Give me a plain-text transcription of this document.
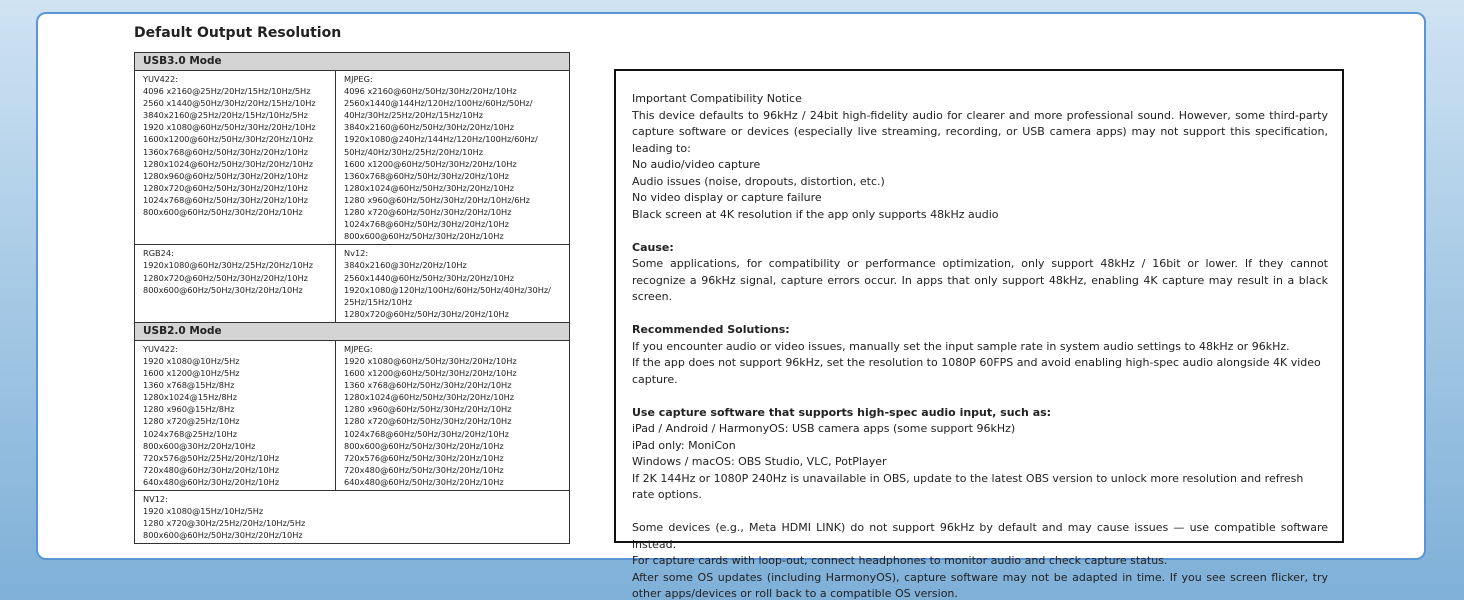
Default Output Resolution
USB3.0 Mode
YUV422:
4096 x2160@25Hz/20Hz/15Hz/10Hz/5Hz
2560 x1440@50Hz/30Hz/20Hz/15Hz/10Hz
3840x2160@25Hz/20Hz/15Hz/10Hz/5Hz
1920 x1080@60Hz/50Hz/30Hz/20Hz/10Hz
1600x1200@60Hz/50Hz/30Hz/20Hz/10Hz
1360x768@60Hz/50Hz/30Hz/20Hz/10Hz
1280x1024@60Hz/50Hz/30Hz/20Hz/10Hz
1280x960@60Hz/50Hz/30Hz/20Hz/10Hz
1280x720@60Hz/50Hz/30Hz/20Hz/10Hz
1024x768@60Hz/50Hz/30Hz/20Hz/10Hz
800x600@60Hz/50Hz/30Hz/20Hz/10Hz
MJPEG:
4096 x2160@60Hz/50Hz/30Hz/20Hz/10Hz
2560x1440@144Hz/120Hz/100Hz/60Hz/50Hz/
40Hz/30Hz/25Hz/20Hz/15Hz/10Hz
3840x2160@60Hz/50Hz/30Hz/20Hz/10Hz
1920x1080@240Hz/144Hz/120Hz/100Hz/60Hz/
50Hz/40Hz/30Hz/25Hz/20Hz/10Hz
1600 x1200@60Hz/50Hz/30Hz/20Hz/10Hz
1360x768@60Hz/50Hz/30Hz/20Hz/10Hz
1280x1024@60Hz/50Hz/30Hz/20Hz/10Hz
1280 x960@60Hz/50Hz/30Hz/20Hz/10Hz/6Hz
1280 x720@60Hz/50Hz/30Hz/20Hz/10Hz
1024x768@60Hz/50Hz/30Hz/20Hz/10Hz
800x600@60Hz/50Hz/30Hz/20Hz/10Hz
RGB24:
1920x1080@60Hz/30Hz/25Hz/20Hz/10Hz
1280x720@60Hz/50Hz/30Hz/20Hz/10Hz
800x600@60Hz/50Hz/30Hz/20Hz/10Hz
Nv12:
3840x2160@30Hz/20Hz/10Hz
2560x1440@60Hz/50Hz/30Hz/20Hz/10Hz
1920x1080@120Hz/100Hz/60Hz/50Hz/40Hz/30Hz/
25Hz/15Hz/10Hz
1280x720@60Hz/50Hz/30Hz/20Hz/10Hz
USB2.0 Mode
YUV422:
1920 x1080@10Hz/5Hz
1600 x1200@10Hz/5Hz
1360 x768@15Hz/8Hz
1280x1024@15Hz/8Hz
1280 x960@15Hz/8Hz
1280 x720@25Hz/10Hz
1024x768@25Hz/10Hz
800x600@30Hz/20Hz/10Hz
720x576@50Hz/25Hz/20Hz/10Hz
720x480@60Hz/30Hz/20Hz/10Hz
640x480@60Hz/30Hz/20Hz/10Hz
MJPEG:
1920 x1080@60Hz/50Hz/30Hz/20Hz/10Hz
1600 x1200@60Hz/50Hz/30Hz/20Hz/10Hz
1360 x768@60Hz/50Hz/30Hz/20Hz/10Hz
1280x1024@60Hz/50Hz/30Hz/20Hz/10Hz
1280 x960@60Hz/50Hz/30Hz/20Hz/10Hz
1280 x720@60Hz/50Hz/30Hz/20Hz/10Hz
1024x768@60Hz/50Hz/30Hz/20Hz/10Hz
800x600@60Hz/50Hz/30Hz/20Hz/10Hz
720x576@60Hz/50Hz/30Hz/20Hz/10Hz
720x480@60Hz/50Hz/30Hz/20Hz/10Hz
640x480@60Hz/50Hz/30Hz/20Hz/10Hz
NV12:
1920 x1080@15Hz/10Hz/5Hz
1280 x720@30Hz/25Hz/20Hz/10Hz/5Hz
800x600@60Hz/50Hz/30Hz/20Hz/10Hz
Important Compatibility Notice
This device defaults to 96kHz / 24bit high-fidelity audio for clearer and more professional sound. However, some third-party capture software or devices (especially live streaming, recording, or USB camera apps) may not support this specification, leading to:
No audio/video capture
Audio issues (noise, dropouts, distortion, etc.)
No video display or capture failure
Black screen at 4K resolution if the app only supports 48kHz audio
Cause:
Some applications, for compatibility or performance optimization, only support 48kHz / 16bit or lower. If they cannot recognize a 96kHz signal, capture errors occur. In apps that only support 48kHz, enabling 4K capture may result in a black screen.
Recommended Solutions:
If you encounter audio or video issues, manually set the input sample rate in system audio settings to 48kHz or 96kHz.
If the app does not support 96kHz, set the resolution to 1080P 60FPS and avoid enabling high-spec audio alongside 4K video capture.
Use capture software that supports high-spec audio input, such as:
iPad / Android / HarmonyOS: USB camera apps (some support 96kHz)
iPad only: MoniCon
Windows / macOS: OBS Studio, VLC, PotPlayer
If 2K 144Hz or 1080P 240Hz is unavailable in OBS, update to the latest OBS version to unlock more resolution and refresh rate options.
Some devices (e.g., Meta HDMI LINK) do not support 96kHz by default and may cause issues — use compatible software instead.
For capture cards with loop-out, connect headphones to monitor audio and check capture status.
After some OS updates (including HarmonyOS), capture software may not be adapted in time. If you see screen flicker, try other apps/devices or roll back to a compatible OS version.
